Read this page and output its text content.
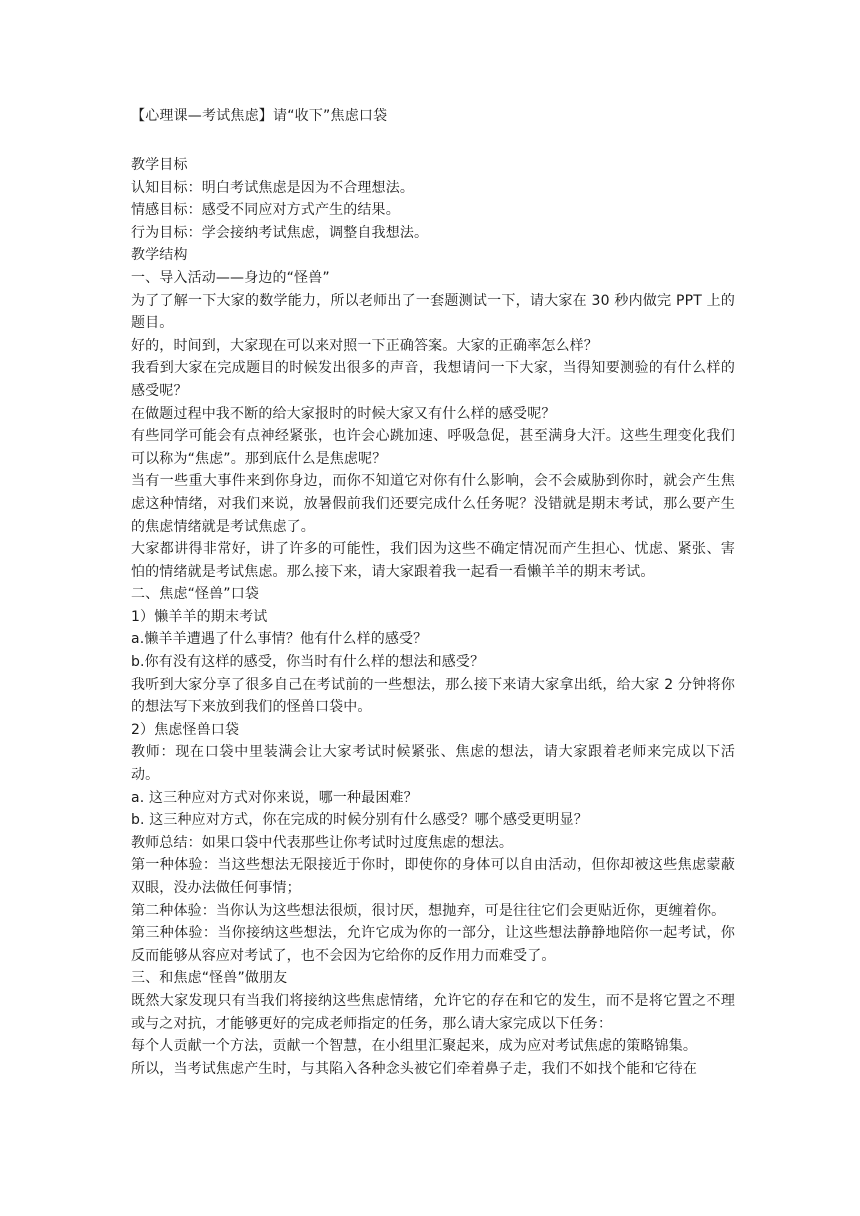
【心理课—考试焦虑】请“收下”焦虑口袋

教学目标

认知目标：明白考试焦虑是因为不合理想法。

情感目标：感受不同应对方式产生的结果。

行为目标：学会接纳考试焦虑，调整自我想法。

教学结构

一、导入活动——身边的“怪兽”

为了了解一下大家的数学能力，所以老师出了一套题测试一下，请大家在 30 秒内做完 PPT 上的题目。

好的，时间到，大家现在可以来对照一下正确答案。大家的正确率怎么样？

我看到大家在完成题目的时候发出很多的声音，我想请问一下大家，当得知要测验的有什么样的感受呢？

在做题过程中我不断的给大家报时的时候大家又有什么样的感受呢？

有些同学可能会有点神经紧张，也许会心跳加速、呼吸急促，甚至满身大汗。这些生理变化我们可以称为“焦虑”。那到底什么是焦虑呢？

当有一些重大事件来到你身边，而你不知道它对你有什么影响，会不会威胁到你时，就会产生焦虑这种情绪，对我们来说，放暑假前我们还要完成什么任务呢？没错就是期末考试，那么要产生的焦虑情绪就是考试焦虑了。

大家都讲得非常好，讲了许多的可能性，我们因为这些不确定情况而产生担心、忧虑、紧张、害怕的情绪就是考试焦虑。那么接下来，请大家跟着我一起看一看懒羊羊的期末考试。

二、焦虑“怪兽”口袋

1）懒羊羊的期末考试

a.懒羊羊遭遇了什么事情？他有什么样的感受？

b.你有没有这样的感受，你当时有什么样的想法和感受？

我听到大家分享了很多自己在考试前的一些想法，那么接下来请大家拿出纸，给大家 2 分钟将你的想法写下来放到我们的怪兽口袋中。

2）焦虑怪兽口袋

教师：现在口袋中里装满会让大家考试时候紧张、焦虑的想法，请大家跟着老师来完成以下活动。

a. 这三种应对方式对你来说，哪一种最困难？

b. 这三种应对方式，你在完成的时候分别有什么感受？哪个感受更明显？

教师总结：如果口袋中代表那些让你考试时过度焦虑的想法。

第一种体验：当这些想法无限接近于你时，即使你的身体可以自由活动，但你却被这些焦虑蒙蔽双眼，没办法做任何事情；

第二种体验：当你认为这些想法很烦，很讨厌，想抛弃，可是往往它们会更贴近你，更缠着你。

第三种体验：当你接纳这些想法，允许它成为你的一部分，让这些想法静静地陪你一起考试，你反而能够从容应对考试了，也不会因为它给你的反作用力而难受了。

三、和焦虑“怪兽”做朋友

既然大家发现只有当我们将接纳这些焦虑情绪，允许它的存在和它的发生，而不是将它置之不理或与之对抗，才能够更好的完成老师指定的任务，那么请大家完成以下任务：

每个人贡献一个方法，贡献一个智慧，在小组里汇聚起来，成为应对考试焦虑的策略锦集。

所以，当考试焦虑产生时，与其陷入各种念头被它们牵着鼻子走，我们不如找个能和它待在
